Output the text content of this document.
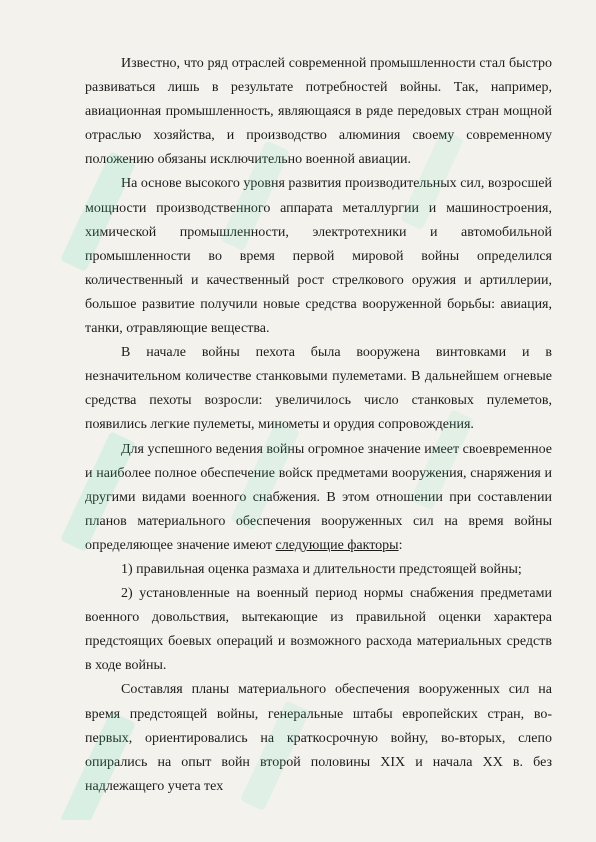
Известно, что ряд отраслей современной промышленности стал быстро развиваться лишь в результате потребностей войны. Так, например, авиационная промышленность, являющаяся в ряде передовых стран мощной отраслью хозяйства, и производство алюминия своему современному положению обязаны исключительно военной авиации.

На основе высокого уровня развития производительных сил, возросшей мощности производственного аппарата металлургии и машиностроения, химической промышленности, электротехники и автомобильной промышленности во время первой мировой войны определился количественный и качественный рост стрелкового оружия и артиллерии, большое развитие получили новые средства вооруженной борьбы: авиация, танки, отравляющие вещества.

В начале войны пехота была вооружена винтовками и в незначительном количестве станковыми пулеметами. В дальнейшем огневые средства пехоты возросли: увеличилось число станковых пулеметов, появились легкие пулеметы, минометы и орудия сопровождения.

Для успешного ведения войны огромное значение имеет своевременное и наиболее полное обеспечение войск предметами вооружения, снаряжения и другими видами военного снабжения. В этом отношении при составлении планов материального обеспечения вооруженных сил на время войны определяющее значение имеют следующие факторы:

1) правильная оценка размаха и длительности предстоящей войны;

2) установленные на военный период нормы снабжения предметами военного довольствия, вытекающие из правильной оценки характера предстоящих боевых операций и возможного расхода материальных средств в ходе войны.

Составляя планы материального обеспечения вооруженных сил на время предстоящей войны, генеральные штабы европейских стран, во-первых, ориентировались на краткосрочную войну, во-вторых, слепо опирались на опыт войн второй половины XIX и начала XX в. без надлежащего учета тех
